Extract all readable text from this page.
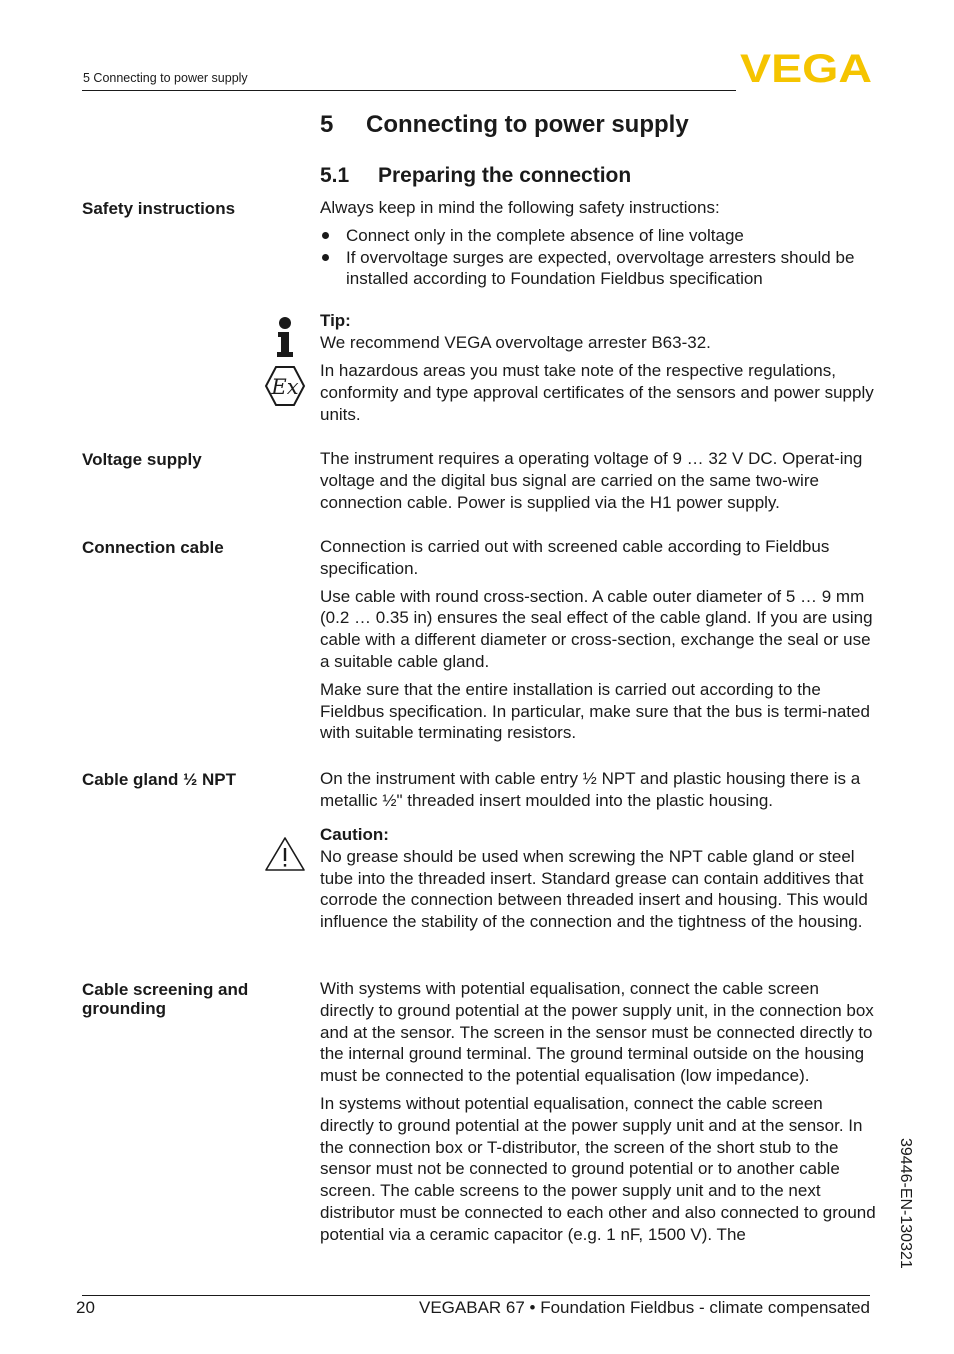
5 Connecting to power supply	VEGA
5 Connecting to power supply
5.1 Preparing the connection
Safety instructions	Always keep in mind the following safety instructions:

Connect only in the complete absence of line voltage

If overvoltage surges are expected, overvoltage arresters should be installed according to Foundation Fieldbus specification

Tip:

We recommend VEGA overvoltage arrester B63-32.

Ex
In hazardous areas you must take note of the respective regulations, conformity and type approval certificates of the sensors and power supply units.
Voltage supply	The instrument requires a operating voltage of 9 … 32 V DC. Operat-ing voltage and the digital bus signal are carried on the same two-wire connection cable. Power is supplied via the H1 power supply.
Connection cable	Connection is carried out with screened cable according to Fieldbus specification.

Use cable with round cross-section. A cable outer diameter of 5 … 9 mm (0.2 … 0.35 in) ensures the seal effect of the cable gland. If you are using cable with a different diameter or cross-section, exchange the seal or use a suitable cable gland.

Make sure that the entire installation is carried out according to the Fieldbus specification. In particular, make sure that the bus is termi-nated with suitable terminating resistors.

Cable gland ½ NPT	On the instrument with cable entry ½ NPT and plastic housing there is a metallic ½" threaded insert moulded into the plastic housing.

Caution:

No grease should be used when screwing the NPT cable gland or steel tube into the threaded insert. Standard grease can contain additives that corrode the connection between threaded insert and housing. This would influence the stability of the connection and the tightness of the housing.

Cable screening and grounding

With systems with potential equalisation, connect the cable screen directly to ground potential at the power supply unit, in the connection box and at the sensor. The screen in the sensor must be connected directly to the internal ground terminal. The ground terminal outside on the housing must be connected to the potential equalisation (low impedance).

In systems without potential equalisation, connect the cable screen directly to ground potential at the power supply unit and at the sensor. In the connection box or T-distributor, the screen of the short stub to the sensor must not be connected to ground potential or to another cable screen. The cable screens to the power supply unit and to the next distributor must be connected to each other and also connected to ground potential via a ceramic capacitor (e.g. 1 nF, 1500 V). The	39446-EN-130321
20	VEGABAR 67 • Foundation Fieldbus - climate compensated
